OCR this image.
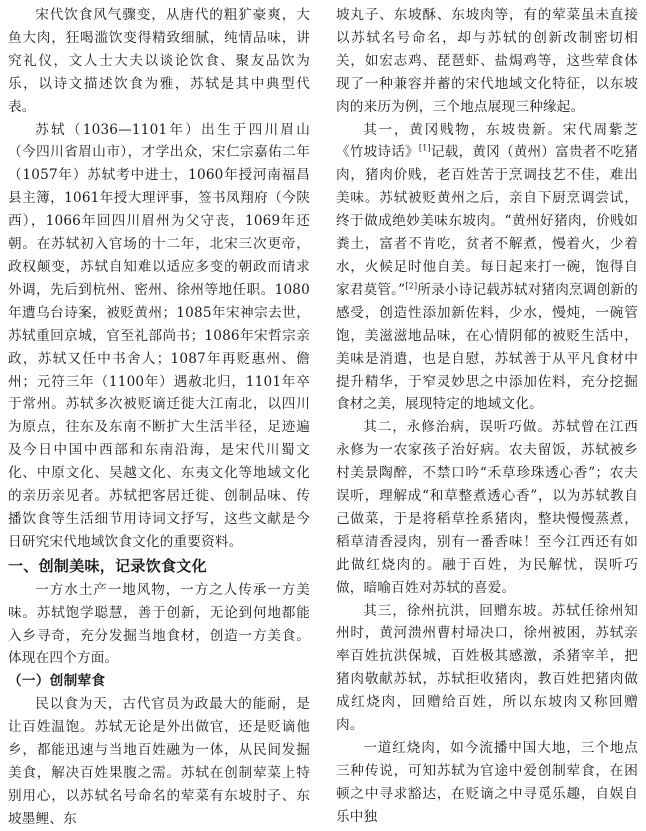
宋代饮食风气骤变，从唐代的粗犷豪爽，大鱼大肉，狂喝滥饮变得精致细腻，纯情品味，讲究礼仪，文人士大夫以谈论饮食、聚友品饮为乐，以诗文描述饮食为雅，苏轼是其中典型代表。

苏轼（1036—1101年）出生于四川眉山（今四川省眉山市），才学出众，宋仁宗嘉佑二年（1057年）苏轼考中进士，1060年授河南福昌县主簿，1061年授大理评事，签书凤翔府（今陕西），1066年回四川眉州为父守丧，1069年还朝。在苏轼初入官场的十二年，北宋三次更帝，政权颠变，苏轼自知难以适应多变的朝政而请求外调，先后到杭州、密州、徐州等地任职。1080年遭乌台诗案，被贬黄州；1085年宋神宗去世，苏轼重回京城，官至礼部尚书；1086年宋哲宗亲政，苏轼又任中书舍人；1087年再贬惠州、儋州；元符三年（1100年）遇赦北归，1101年卒于常州。苏轼多次被贬谪迁徙大江南北，以四川为原点，往东及东南不断扩大生活半径，足迹遍及今日中国中西部和东南沿海，是宋代川蜀文化、中原文化、吴越文化、东夷文化等地域文化的亲历亲见者。苏轼把客居迁徙、创制品味、传播饮食等生活细节用诗词文抒写，这些文献是今日研究宋代地域饮食文化的重要资料。

一、创制美味，记录饮食文化

一方水土产一地风物，一方之人传承一方美味。苏轼饱学聪慧，善于创新，无论到何地都能入乡寻奇，充分发掘当地食材，创造一方美食。体现在四个方面。

（一）创制荤食

民以食为天，古代官员为政最大的能耐，是让百姓温饱。苏轼无论是外出做官，还是贬谪他乡，都能迅速与当地百姓融为一体，从民间发掘美食，解决百姓果腹之需。苏轼在创制荤菜上特别用心，以苏轼名号命名的荤菜有东坡肘子、东坡墨鲤、东

坡丸子、东坡酥、东坡肉等，有的荤菜虽未直接以苏轼名号命名，却与苏轼的创新改制密切相关，如宏志鸡、琵琶虾、盐焗鸡等，这些荤食体现了一种兼容并蓄的宋代地域文化特征，以东坡肉的来历为例，三个地点展现三种缘起。

其一，黄冈贱物，东坡贵新。宋代周紫芝《竹坡诗话》[1]记载，黄冈（黄州）富贵者不吃猪肉，猪肉价贱，老百姓苦于烹调技艺不佳，难出美味。苏轼被贬黄州之后，亲自下厨烹调尝试，终于做成绝妙美味东坡肉。“黄州好猪肉，价贱如粪土，富者不肯吃，贫者不解煮，慢着火，少着水，火候足时他自美。每日起来打一碗，饱得自家君莫管。”[2]所录小诗记载苏轼对猪肉烹调创新的感受，创造性添加新佐料，少水，慢炖，一碗管饱，美滋滋地品味，在心情阴郁的被贬生活中，美味是消遣，也是自慰，苏轼善于从平凡食材中提升精华，于窄灵妙思之中添加佐料，充分挖掘食材之美，展现特定的地域文化。

其二，永修治病，误听巧做。苏轼曾在江西永修为一农家孩子治好病。农夫留饭，苏轼被乡村美景陶醉，不禁口吟“禾草珍珠透心香”；农夫误听，理解成“和草整煮透心香”，以为苏轼教自己做菜，于是将稻草拴系猪肉，整块慢慢蒸煮，稻草清香浸肉，别有一番香味！至今江西还有如此做红烧肉的。融于百姓，为民解忧，误听巧做，暗喻百姓对苏轼的喜爱。

其三，徐州抗洪，回赠东坡。苏轼任徐州知州时，黄河溃州曹村埽决口，徐州被困，苏轼亲率百姓抗洪保城，百姓极其感激，杀猪宰羊，把猪肉敬献苏轼，苏轼拒收猪肉，教百姓把猪肉做成红烧肉，回赠给百姓，所以东坡肉又称回赠肉。

一道红烧肉，如今流播中国大地，三个地点三种传说，可知苏轼为官途中爱创制荤食，在困顿之中寻求豁达，在贬谪之中寻觅乐趣，自娱自乐中独
